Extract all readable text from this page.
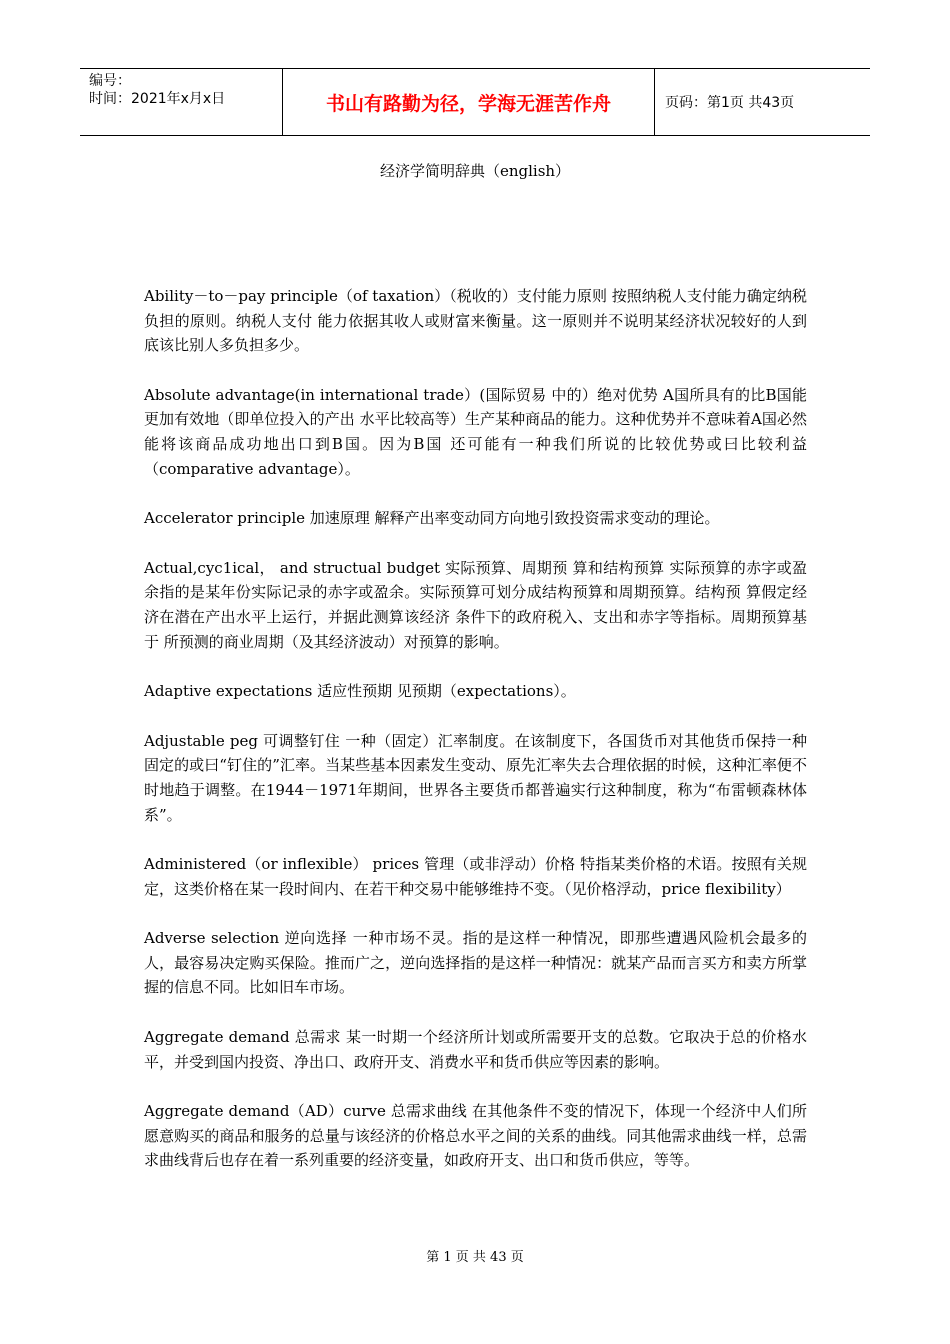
编号：
时间：2021年x月x日	书山有路勤为径，学海无涯苦作舟	页码：第1页 共43页
经济学简明辞典（english）

Ability－to－pay principle（of taxation）（税收的）支付能力原则 按照纳税人支付能力确定纳税负担的原则。纳税人支付 能力依据其收人或财富来衡量。这一原则并不说明某经济状况较好的人到底该比别人多负担多少。

Absolute advantage(in international trade）(国际贸易 中的）绝对优势 A国所具有的比B国能更加有效地（即单位投入的产出 水平比较高等）生产某种商品的能力。这种优势并不意味着A国必然能将该商品成功地出口到B国。因为B国 还可能有一种我们所说的比较优势或曰比较利益 （comparative advantage）。

Accelerator principle 加速原理 解释产出率变动同方向地引致投资需求变动的理论。

Actual,cyc1ical， and structual budget 实际预算、周期预 算和结构预算 实际预算的赤字或盈余指的是某年份实际记录的赤字或盈余。实际预算可划分成结构预算和周期预算。结构预 算假定经济在潜在产出水平上运行，并据此测算该经济 条件下的政府税入、支出和赤字等指标。周期预算基于 所预测的商业周期（及其经济波动）对预算的影响。

Adaptive expectations 适应性预期 见预期（expectations）。

Adjustable peg 可调整钉住 一种（固定）汇率制度。在该制度下，各国货币对其他货币保持一种固定的或曰“钉住的”汇率。当某些基本因素发生变动、原先汇率失去合理依据的时候，这种汇率便不时地趋于调整。在1944－1971年期间，世界各主要货币都普遍实行这种制度，称为“布雷顿森林体系”。

Administered（or inflexible） prices 管理（或非浮动）价格 特指某类价格的术语。按照有关规定，这类价格在某一段时间内、在若干种交易中能够维持不变。（见价格浮动，price flexibility）

Adverse selection 逆向选择 一种市场不灵。指的是这样一种情况，即那些遭遇风险机会最多的人，最容易决定购买保险。推而广之，逆向选择指的是这样一种情况：就某产品而言买方和卖方所掌握的信息不同。比如旧车市场。

Aggregate demand 总需求 某一时期一个经济所计划或所需要开支的总数。它取决于总的价格水平，并受到国内投资、净出口、政府开支、消费水平和货币供应等因素的影响。

Aggregate demand（AD）curve 总需求曲线 在其他条件不变的情况下，体现一个经济中人们所愿意购买的商品和服务的总量与该经济的价格总水平之间的关系的曲线。同其他需求曲线一样，总需求曲线背后也存在着一系列重要的经济变量，如政府开支、出口和货币供应，等等。

第 1 页 共 43 页
